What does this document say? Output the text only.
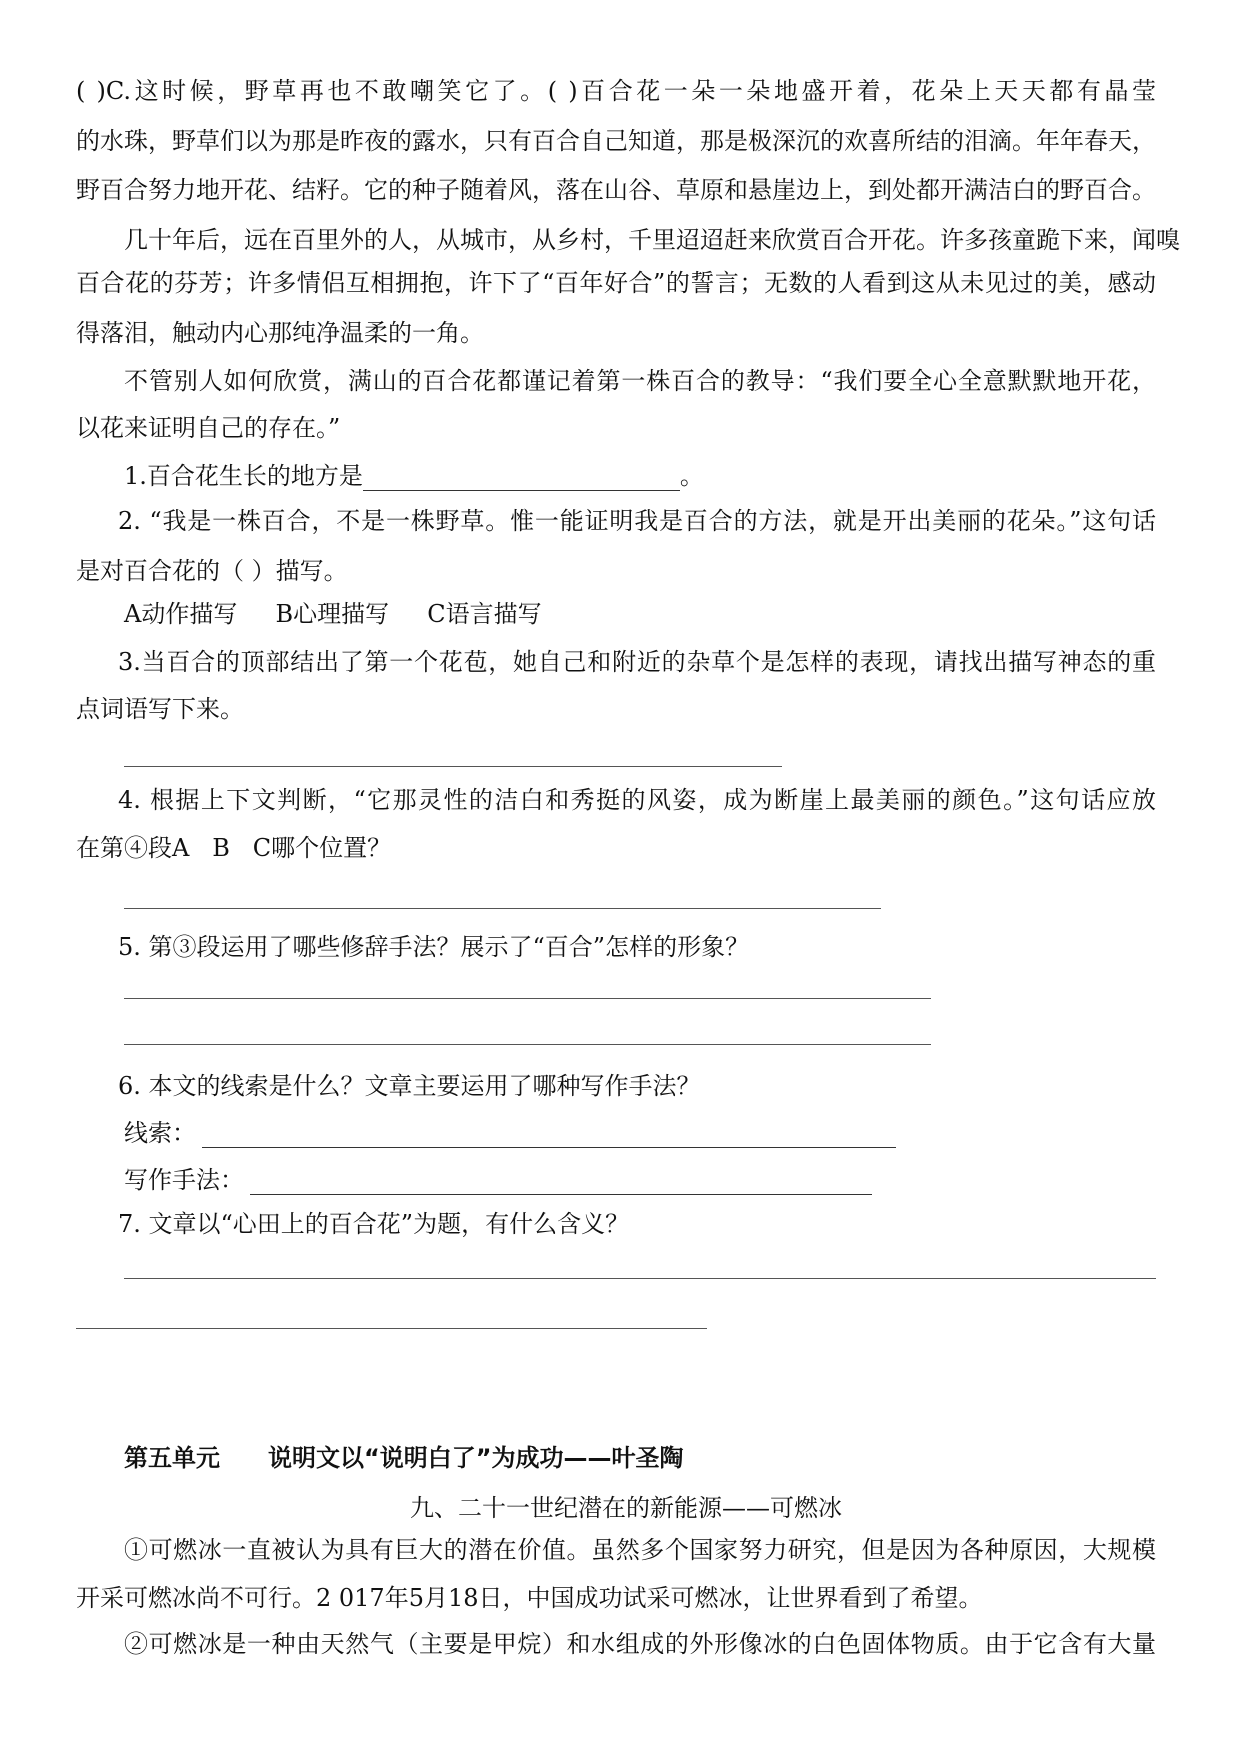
( )C.这时候，野草再也不敢嘲笑它了。( )百合花一朵一朵地盛开着，花朵上天天都有晶莹
的水珠，野草们以为那是昨夜的露水，只有百合自己知道，那是极深沉的欢喜所结的泪滴。年年春天，
野百合努力地开花、结籽。它的种子随着风，落在山谷、草原和悬崖边上，到处都开满洁白的野百合。
几十年后，远在百里外的人，从城市，从乡村，千里迢迢赶来欣赏百合开花。许多孩童跪下来，闻嗅
百合花的芬芳；许多情侣互相拥抱，许下了“百年好合”的誓言；无数的人看到这从未见过的美，感动
得落泪，触动内心那纯净温柔的一角。
不管别人如何欣赏，满山的百合花都谨记着第一株百合的教导：“我们要全心全意默默地开花，
以花来证明自己的存在。”
1.百合花生长的地方是	。
2. “我是一株百合，不是一株野草。惟一能证明我是百合的方法，就是开出美丽的花朵。”这句话
是对百合花的（ ）描写。
A动作描写     B心理描写     C语言描写
3.当百合的顶部结出了第一个花苞，她自己和附近的杂草个是怎样的表现，请找出描写神态的重
点词语写下来。
4. 根据上下文判断，“它那灵性的洁白和秀挺的风姿，成为断崖上最美丽的颜色。”这句话应放
在第④段A   B   C哪个位置？
5. 第③段运用了哪些修辞手法？展示了“百合”怎样的形象？
6. 本文的线索是什么？文章主要运用了哪种写作手法？
线索：
写作手法：
7. 文章以“心田上的百合花”为题，有什么含义？
第五单元 说明文以“说明白了”为成功——叶圣陶
九、二十一世纪潜在的新能源——可燃冰
①可燃冰一直被认为具有巨大的潜在价值。虽然多个国家努力研究，但是因为各种原因，大规模
开采可燃冰尚不可行。2 017年5月18日，中国成功试采可燃冰，让世界看到了希望。
②可燃冰是一种由天然气（主要是甲烷）和水组成的外形像冰的白色固体物质。由于它含有大量
